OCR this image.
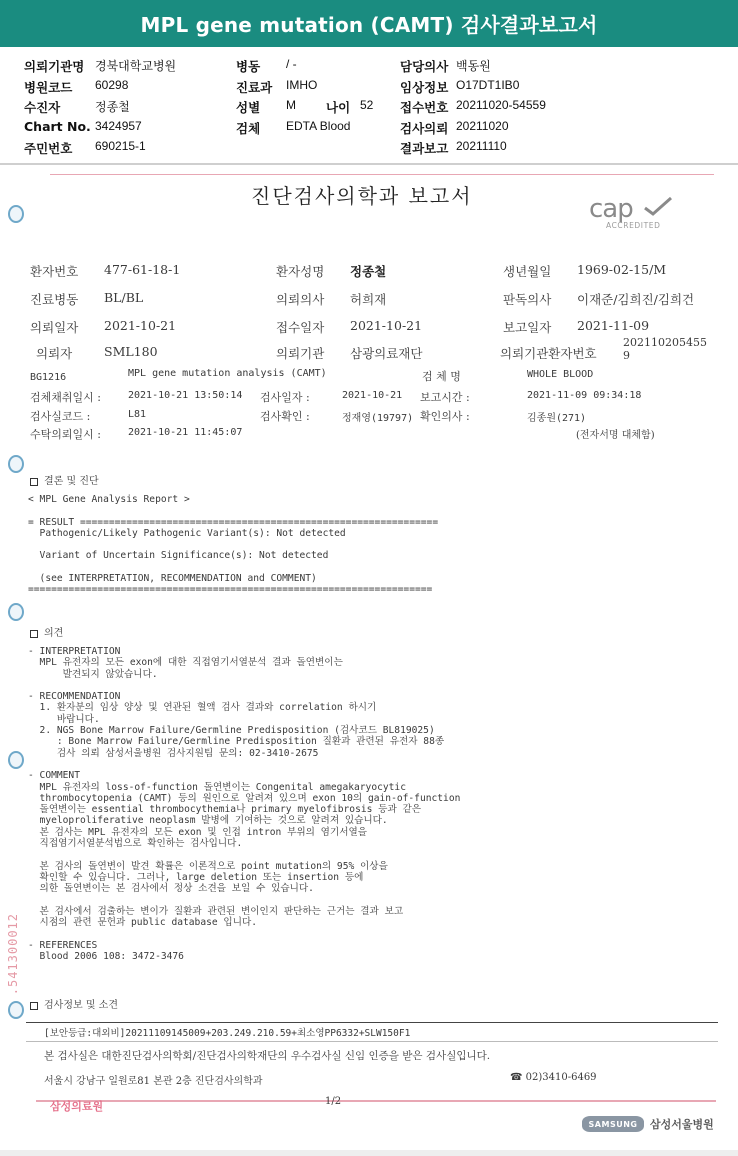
MPL gene mutation (CAMT) 검사결과보고서
의뢰기관명 경북대학교병원	병동 / -	담당의사 백동원
병원코드 60298	진료과 IMHO	임상정보 O17DT1IB0
수진자	정종철	성별 M 나이 52 접수번호 20211020-54559
Chart No. 3424957	검체 EDTA Blood	검사의뢰 20211020
주민번호 690215-1	결과보고 20211110
진단검사의학과 보고서	cap
ACCREDITED
환자번호 477-61-18-1	환자성명 정종철	생년월일 1969-02-15/M
진료병동 BL/BL	의뢰의사 허희재	판독의사 이재준/김희진/김희건
의뢰일자 2021-10-21	접수일자 2021-10-21	보고일자 2021-11-09
의뢰자	SML180	의뢰기관 삼광의료재단	의뢰기관환자번호
202110205455
9
BG1216	MPL gene mutation analysis (CAMT)	검 체 명	WHOLE BLOOD
검체채취일시 :	2021-10-21 13:50:14 검사일자 :	2021-10-21 보고시간 :	2021-11-09 09:34:18
검사실코드 :	L81	검사확인 :	정재영(19797) 확인의사 :	김종원(271)
수탁의뢰일시 :	2021-10-21 11:45:07	(전자서명 대체함)
결론 및 진단
< MPL Gene Analysis Report >

= RESULT ==============================================================
Pathogenic/Likely Pathogenic Variant(s): Not detected

Variant of Uncertain Significance(s): Not detected

(see INTERPRETATION, RECOMMENDATION and COMMENT)
======================================================================
의견
- INTERPRETATION
MPL 유전자의 모든 exon에 대한 직접염기서열분석 결과 돌연변이는
발견되지 않았습니다.

- RECOMMENDATION
1. 환자분의 임상 양상 및 연관된 혈액 검사 결과와 correlation 하시기
바랍니다.
2. NGS Bone Marrow Failure/Germline Predisposition (검사코드 BL819025)
: Bone Marrow Failure/Germline Predisposition 질환과 관련된 유전자 88종
검사 의뢰 삼성서울병원 검사지원팀 문의: 02-3410-2675

- COMMENT
MPL 유전자의 loss-of-function 돌연변이는 Congenital amegakaryocytic
thrombocytopenia (CAMT) 등의 원인으로 알려져 있으며 exon 10의 gain-of-function
돌연변이는 essential thrombocythemia나 primary myelofibrosis 등과 같은
myeloproliferative neoplasm 발병에 기여하는 것으로 알려져 있습니다.
본 검사는 MPL 유전자의 모든 exon 및 인접 intron 부위의 염기서열을
직접염기서열분석법으로 확인하는 검사입니다.

본 검사의 돌연변이 발견 확률은 이론적으로 point mutation의 95% 이상을
확인할 수 있습니다. 그러나, large deletion 또는 insertion 등에
의한 돌연변이는 본 검사에서 정상 소견을 보일 수 있습니다.

본 검사에서 검출하는 변이가 질환과 관련된 변이인지 판단하는 근거는 결과 보고
시점의 관련 문헌과 public database 입니다.

- REFERENCES
Blood 2006 108: 3472-3476
.541300012
검사정보 및 소견
[보안등급:대외비]20211109145009+203.249.210.59+최소영PP6332+SLW150F1
본 검사실은 대한진단검사의학회/진단검사의학재단의 우수검사실 신임 인증을 받은 검사실입니다.
서울시 강남구 일원로81 본관 2층 진단검사의학과	☎ 02)3410-6469
삼성의료원	1/2
SAMSUNG 삼성서울병원
